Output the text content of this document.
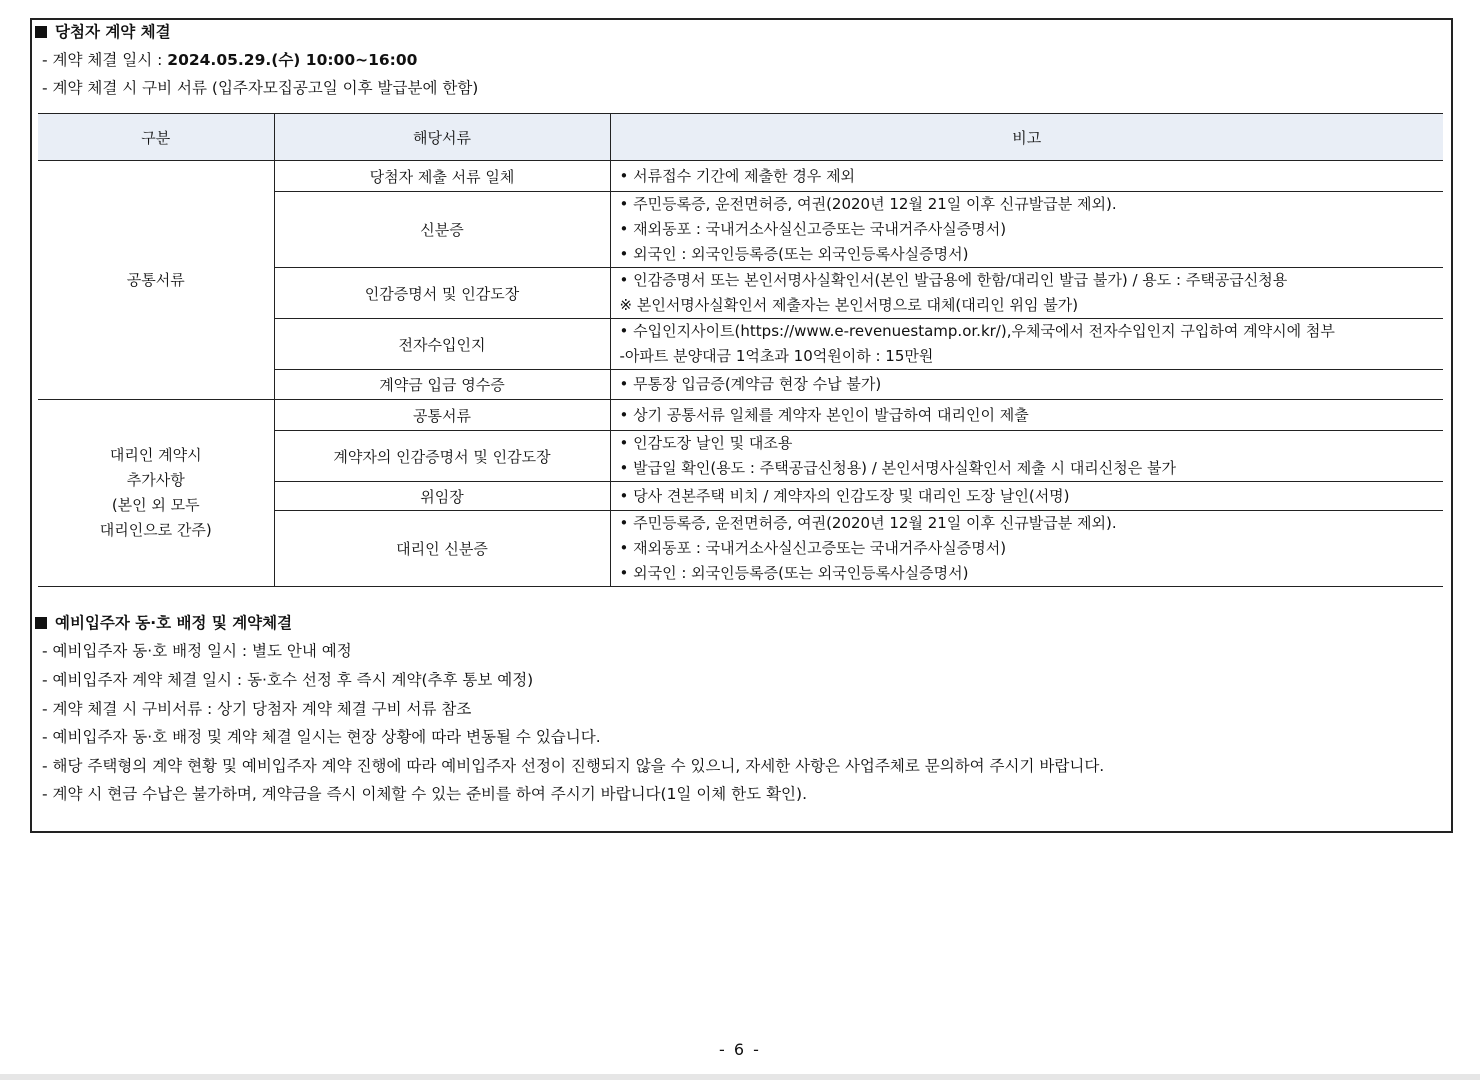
당첨자 계약 체결
- 계약 체결 일시 : 2024.05.29.(수) 10:00~16:00
- 계약 체결 시 구비 서류 (입주자모집공고일 이후 발급분에 한함)
구분	해당서류	비고

공통서류	당첨자 제출 서류 일체	• 서류접수 기간에 제출한 경우 제외

	신분증	• 주민등록증, 운전면허증, 여권(2020년 12월 21일 이후 신규발급분 제외).
• 재외동포 : 국내거소사실신고증또는 국내거주사실증명서)
• 외국인 : 외국인등록증(또는 외국인등록사실증명서)

	인감증명서 및 인감도장	• 인감증명서 또는 본인서명사실확인서(본인 발급용에 한함/대리인 발급 불가) / 용도 : 주택공급신청용
※ 본인서명사실확인서 제출자는 본인서명으로 대체(대리인 위임 불가)

	전자수입인지	• 수입인지사이트(https://www.e-revenuestamp.or.kr/),우체국에서 전자수입인지 구입하여 계약시에 첨부
-아파트 분양대금 1억초과 10억원이하 : 15만원

	계약금 입금 영수증	• 무통장 입금증(계약금 현장 수납 불가)

대리인 계약시
추가사항
(본인 외 모두
대리인으로 간주)	공통서류	• 상기 공통서류 일체를 계약자 본인이 발급하여 대리인이 제출

	계약자의 인감증명서 및 인감도장	• 인감도장 날인 및 대조용
• 발급일 확인(용도 : 주택공급신청용) / 본인서명사실확인서 제출 시 대리신청은 불가

	위임장	• 당사 견본주택 비치 / 계약자의 인감도장 및 대리인 도장 날인(서명)

	대리인 신분증	• 주민등록증, 운전면허증, 여권(2020년 12월 21일 이후 신규발급분 제외).
• 재외동포 : 국내거소사실신고증또는 국내거주사실증명서)
• 외국인 : 외국인등록증(또는 외국인등록사실증명서)
예비입주자 동·호 배정 및 계약체결
- 예비입주자 동·호 배정 일시 : 별도 안내 예정
- 예비입주자 계약 체결 일시 : 동·호수 선정 후 즉시 계약(추후 통보 예정)
- 계약 체결 시 구비서류 : 상기 당첨자 계약 체결 구비 서류 참조
- 예비입주자 동·호 배정 및 계약 체결 일시는 현장 상황에 따라 변동될 수 있습니다.
- 해당 주택형의 계약 현황 및 예비입주자 계약 진행에 따라 예비입주자 선정이 진행되지 않을 수 있으니, 자세한 사항은 사업주체로 문의하여 주시기 바랍니다.
- 계약 시 현금 수납은 불가하며, 계약금을 즉시 이체할 수 있는 준비를 하여 주시기 바랍니다(1일 이체 한도 확인).
- 6 -
